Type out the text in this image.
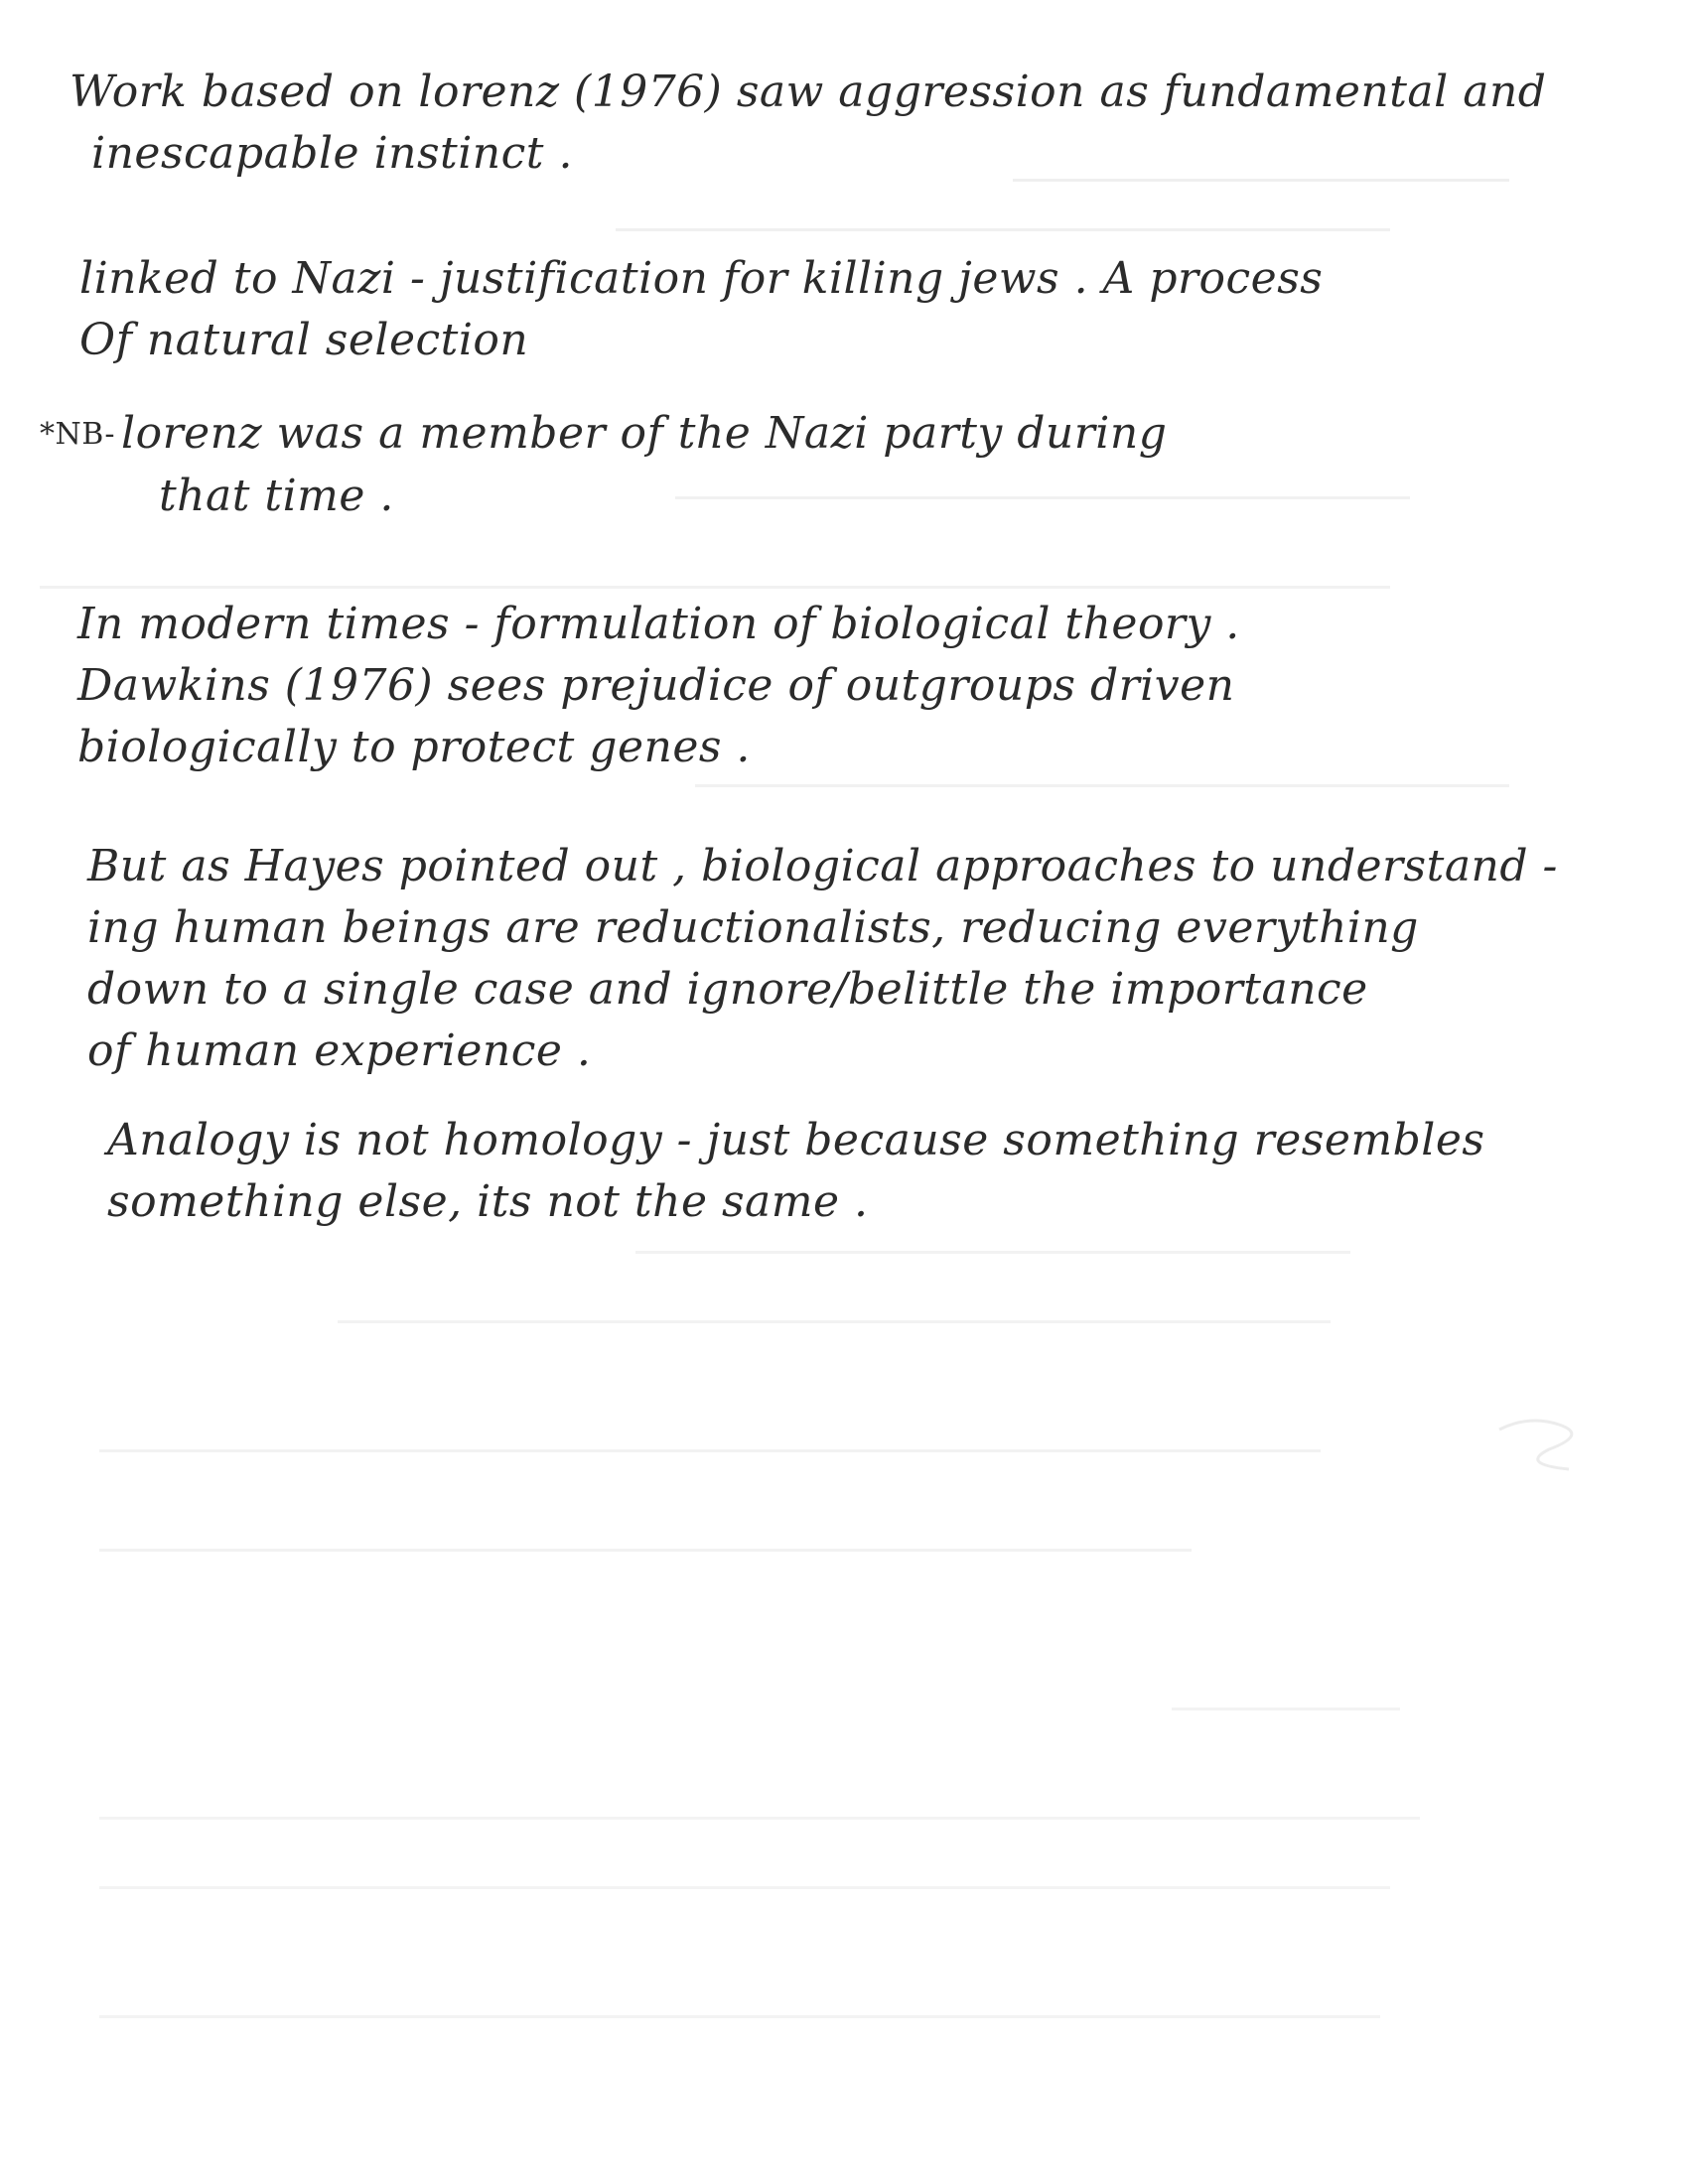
Work based on lorenz (1976) saw aggression as fundamental and
inescapable instinct .
linked to Nazi - justification for killing jews . A process
Of natural selection
*NB- lorenz was a member of the Nazi party during
that time .
In modern times - formulation of biological theory .
Dawkins (1976) sees prejudice of outgroups driven
biologically to protect genes .
But as Hayes pointed out , biological approaches to understand -
ing human beings are reductionalists, reducing everything
down to a single case and ignore/belittle the importance
of human experience .
Analogy is not homology - just because something resembles
something else, its not the same .
